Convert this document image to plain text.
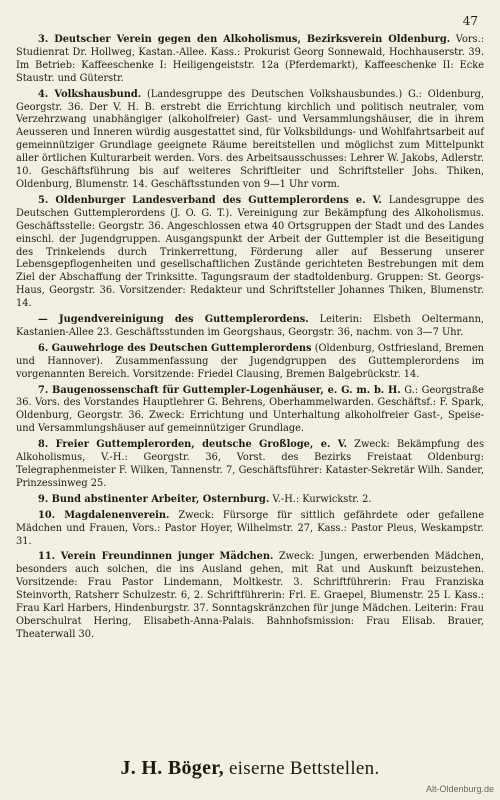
47

3. Deutscher Verein gegen den Alkoholismus, Bezirksverein Oldenburg. Vors.: Studienrat Dr. Hollweg, Kastan.-Allee. Kass.: Prokurist Georg Sonnewald, Hochhauserstr. 39. Im Betrieb: Kaffeeschenke I: Heiligengeiststr. 12a (Pferdemarkt), Kaffeeschenke II: Ecke Staustr. und Güterstr.

4. Volkshausbund. (Landesgruppe des Deutschen Volkshausbundes.) G.: Oldenburg, Georgstr. 36. Der V. H. B. erstrebt die Errichtung kirchlich und politisch neutraler, vom Verzehrzwang unabhängiger (alkoholfreier) Gast- und Versammlungshäuser, die in ihrem Aeusseren und Inneren würdig ausgestattet sind, für Volksbildungs- und Wohlfahrtsarbeit auf gemeinnütziger Grundlage geeignete Räume bereitstellen und möglichst zum Mittelpunkt aller örtlichen Kulturarbeit werden. Vors. des Arbeitsausschusses: Lehrer W. Jakobs, Adlerstr. 10. Geschäftsführung bis auf weiteres Schriftleiter und Schriftsteller Johs. Thiken, Oldenburg, Blumenstr. 14. Geschäftsstunden von 9—1 Uhr vorm.

5. Oldenburger Landesverband des Guttemplerordens e. V. Landesgruppe des Deutschen Guttemplerordens (J. O. G. T.). Vereinigung zur Bekämpfung des Alkoholismus. Geschäftsstelle: Georgstr. 36. Angeschlossen etwa 40 Ortsgruppen der Stadt und des Landes einschl. der Jugendgruppen. Ausgangspunkt der Arbeit der Guttempler ist die Beseitigung des Trinkelends durch Trinkerrettung, Förderung aller auf Besserung unserer Lebensgepflogenheiten und gesellschaftlichen Zustände gerichteten Bestrebungen mit dem Ziel der Abschaffung der Trinksitte. Tagungsraum der stadtoldenburg. Gruppen: St. Georgs-Haus, Georgstr. 36. Vorsitzender: Redakteur und Schriftsteller Johannes Thiken, Blumenstr. 14.

— Jugendvereinigung des Guttemplerordens. Leiterin: Elsbeth Oeltermann, Kastanien-Allee 23. Geschäftsstunden im Georgshaus, Georgstr. 36, nachm. von 3—7 Uhr.

6. Gauwehrloge des Deutschen Guttemplerordens (Oldenburg, Ostfriesland, Bremen und Hannover). Zusammenfassung der Jugendgruppen des Guttemplerordens im vorgenannten Bereich. Vorsitzende: Friedel Clausing, Bremen Balgebrückstr. 14.

7. Baugenossenschaft für Guttempler-Logenhäuser, e. G. m. b. H. G.: Georgstraße 36. Vors. des Vorstandes Hauptlehrer G. Behrens, Oberhammelwarden. Geschäftsf.: F. Spark, Oldenburg, Georgstr. 36. Zweck: Errichtung und Unterhaltung alkoholfreier Gast-, Speise- und Versammlungshäuser auf gemeinnütziger Grundlage.

8. Freier Guttemplerorden, deutsche Großloge, e. V. Zweck: Bekämpfung des Alkoholismus, V.-H.: Georgstr. 36, Vorst. des Bezirks Freistaat Oldenburg: Telegraphenmeister F. Wilken, Tannenstr. 7, Geschäftsführer: Kataster-Sekretär Wilh. Sander, Prinzessinweg 25.

9. Bund abstinenter Arbeiter, Osternburg. V.-H.: Kurwickstr. 2.

10. Magdalenenverein. Zweck: Fürsorge für sittlich gefährdete oder gefallene Mädchen und Frauen, Vors.: Pastor Hoyer, Wilhelmstr. 27, Kass.: Pastor Pleus, Weskampstr. 31.

11. Verein Freundinnen junger Mädchen. Zweck: Jungen, erwerbenden Mädchen, besonders auch solchen, die ins Ausland gehen, mit Rat und Auskunft beizustehen. Vorsitzende: Frau Pastor Lindemann, Moltkestr. 3. Schriftführerin: Frau Franziska Steinvorth, Ratsherr Schulzestr. 6, 2. Schriftführerin: Frl. E. Graepel, Blumenstr. 25 I. Kass.: Frau Karl Harbers, Hindenburgstr. 37. Sonntagskränzchen für junge Mädchen. Leiterin: Frau Oberschulrat Hering, Elisabeth-Anna-Palais. Bahnhofsmission: Frau Elisab. Brauer, Theaterwall 30.

J. H. Böger, eiserne Bettstellen.
Alt-Oldenburg.de
